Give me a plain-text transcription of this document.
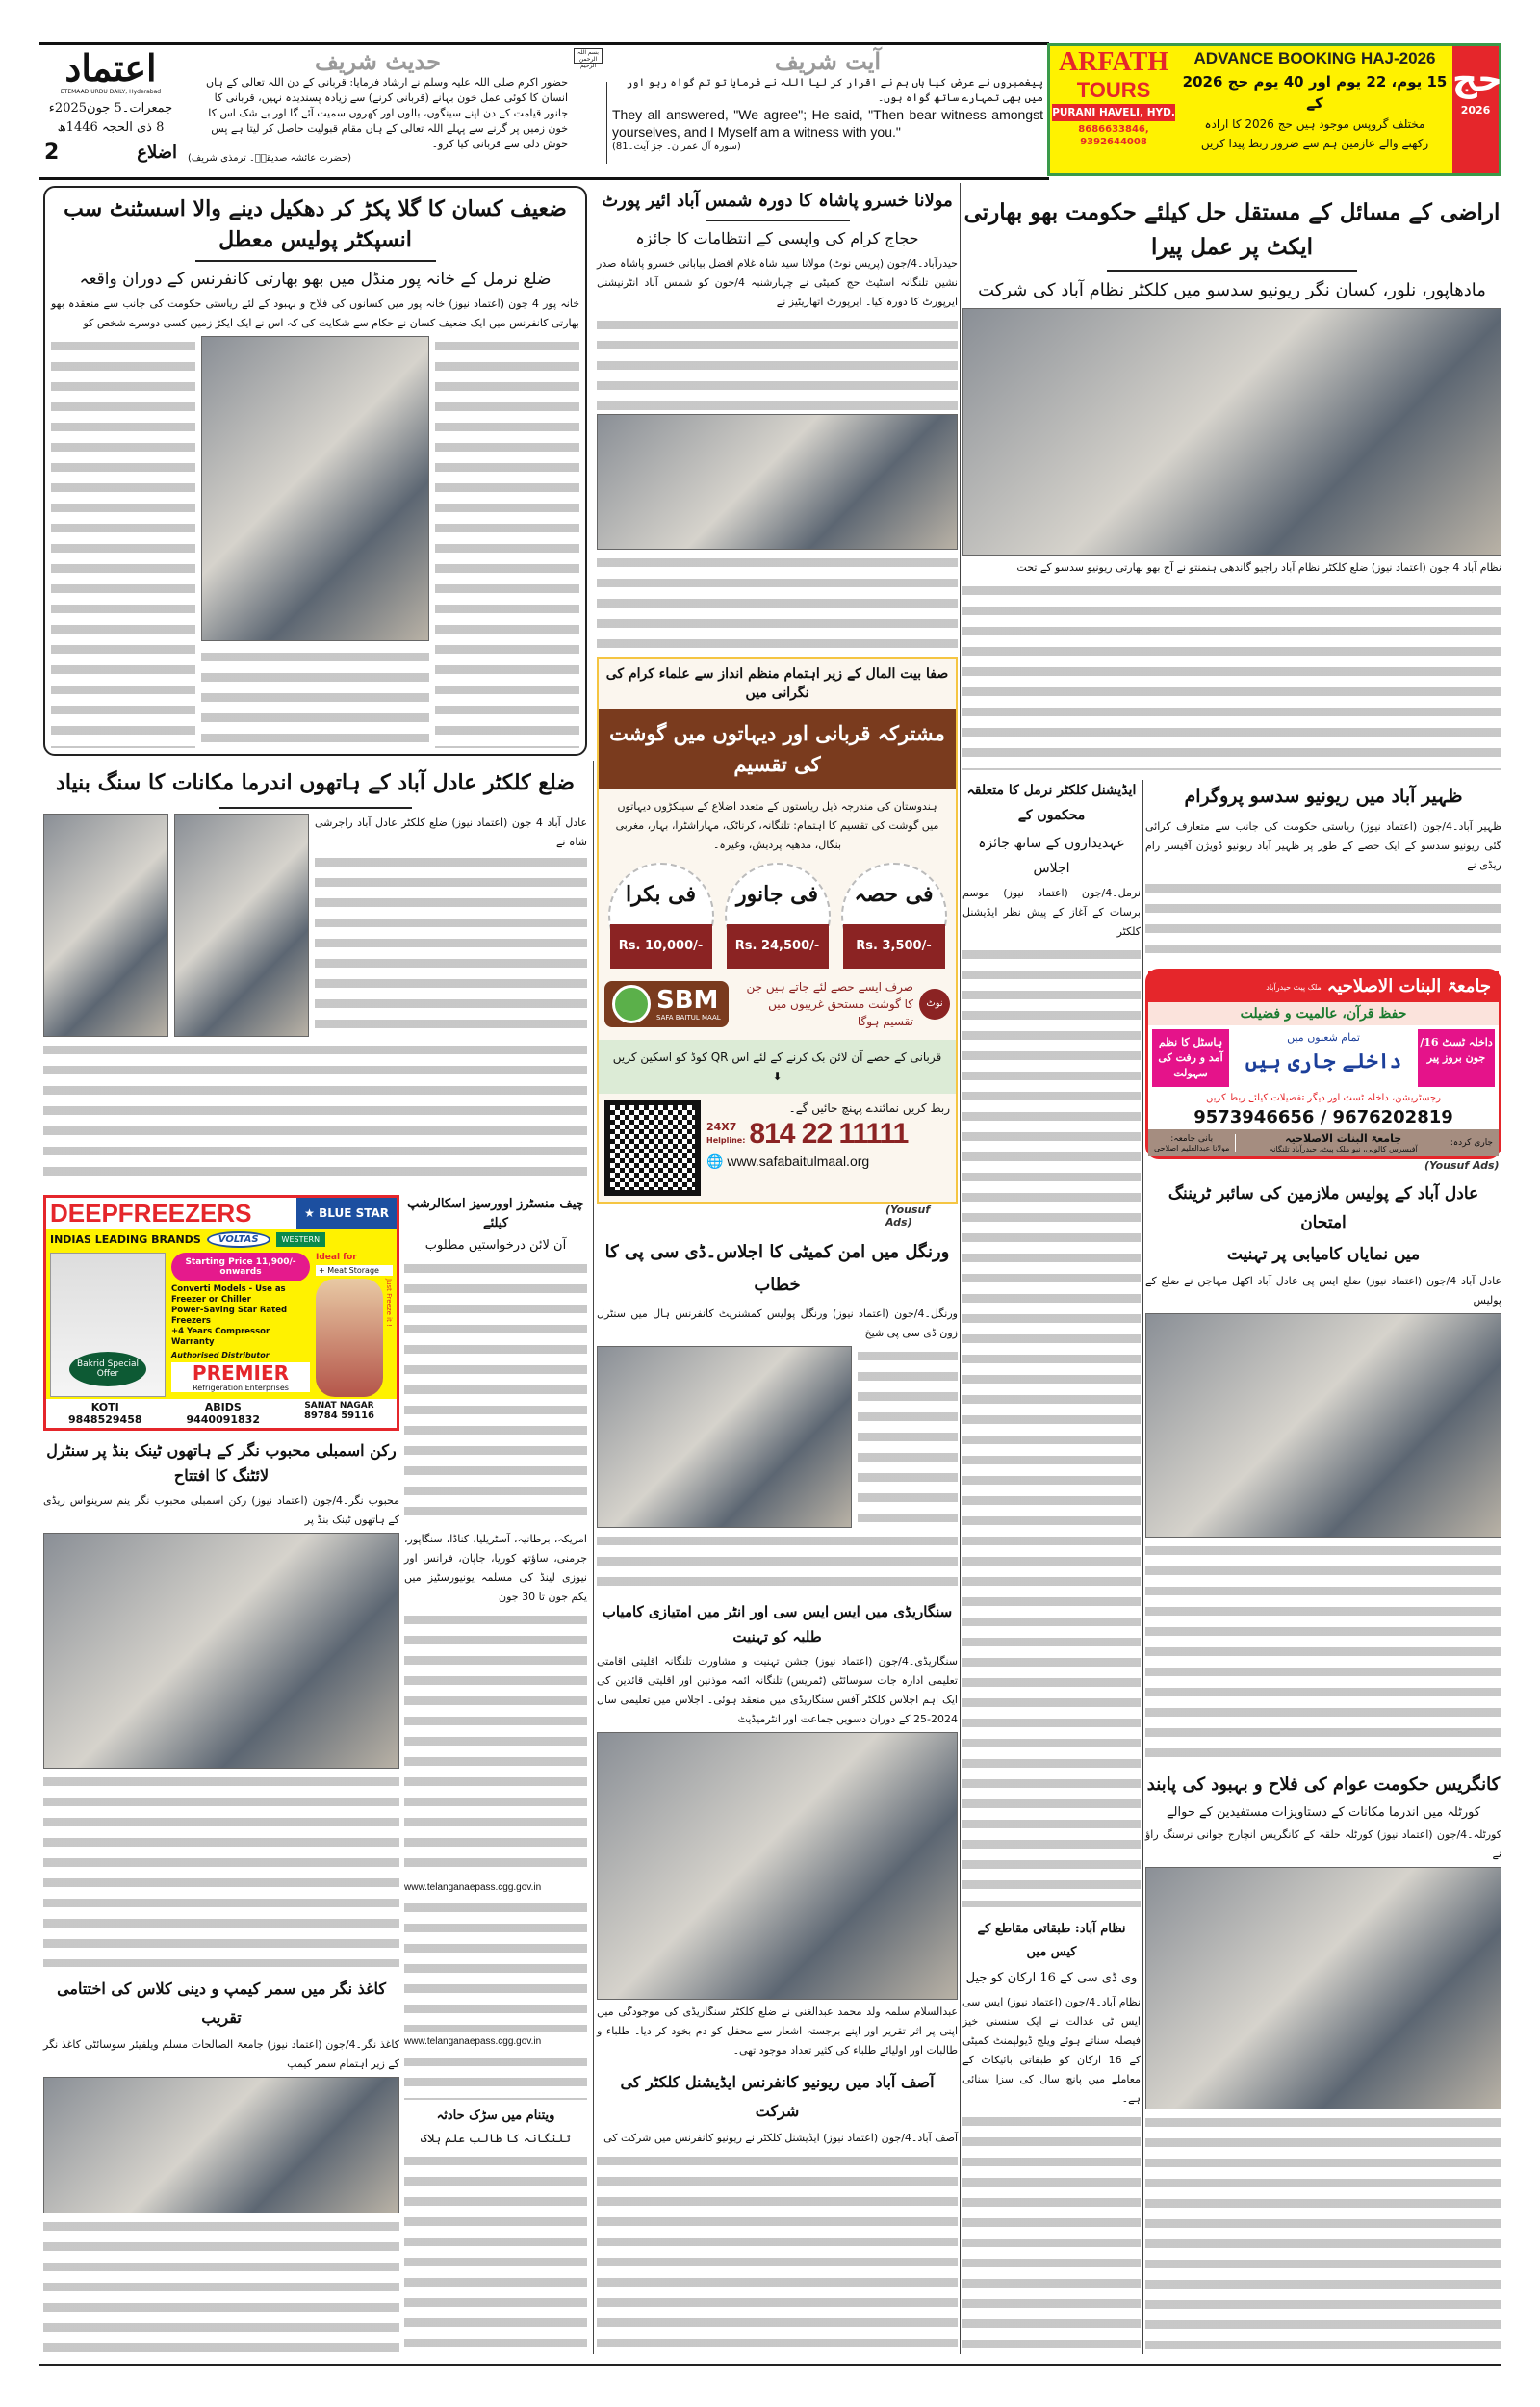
اعتماد
ETEMAAD URDU DAILY, Hyderabad
جمعرات۔5 جون2025ء
8 ذی الحجہ 1446ھ
2	اضلاع
حدیث شریف
حضور اکرم صلی اللہ علیہ وسلم نے ارشاد فرمایا: قربانی کے دن اللہ تعالی کے ہاں انسان کا کوئی عمل خون بہانے (قربانی کرنے) سے زیادہ پسندیدہ نہیں، قربانی کا جانور قیامت کے دن اپنے سینگوں، بالوں اور کھروں سمیت آئے گا اور بے شک اس کا خون زمین پر گرنے سے پہلے اللہ تعالی کے ہاں مقام قبولیت حاصل کر لیتا ہے پس خوش دلی سے قربانی کیا کرو۔
(حضرت عائشہ صدیقہؓ۔ ترمذی شریف)
بسم اللہ الرحمن الرحیم	آیت شریف
پیغمبروں نے عرض کیا ہاں ہم نے اقرار کر لیا اللہ نے فرمایا تو تم گواہ رہو اور میں بھی تمہارے ساتھ گواہ ہوں۔
They all answered, "We agree"; He said, "Then bear witness amongst yourselves, and I Myself am a witness with you."
(سورہ آل عمران۔ جز آیت۔81)
ARFATH
TOURS
PURANI HAVELI, HYD.
8686633846, 9392644008
ADVANCE BOOKING HAJ-2026
15 یوم، 22 یوم اور 40 یوم حج 2026 کے
مختلف گروپس موجود ہیں حج 2026 کا ارادہ
رکھنے والے عازمین ہم سے ضرور ربط پیدا کریں
حج
2026
ضعیف کسان کا گلا پکڑ کر دھکیل دینے والا اسسٹنٹ سب انسپکٹر پولیس معطل
ضلع نرمل کے خانہ پور منڈل میں بھو بھارتی کانفرنس کے دوران واقعہ
خانہ پور 4 جون (اعتماد نیوز) خانہ پور میں کسانوں کی فلاح و بہبود کے لئے ریاستی حکومت کی جانب سے منعقدہ بھو بھارتی کانفرنس میں ایک ضعیف کسان نے حکام سے شکایت کی کہ اس نے ایک ایکڑ زمین کسی دوسرے شخص کو
ضلع کلکٹر عادل آباد کے ہاتھوں اندرما مکانات کا سنگ بنیاد
عادل آباد 4 جون (اعتماد نیوز) ضلع کلکٹر عادل آباد راجرشی شاہ نے
DEEPFREEZERS	★ BLUE STAR
INDIAS LEADING BRANDS	VOLTAS	WESTERN
Bakrid Special Offer
Starting Price 11,900/- onwards
Converti Models - Use as Freezer or Chiller
Power-Saving Star Rated Freezers
+4 Years Compressor Warranty
Authorised Distributor
PREMIER
Refrigeration Enterprises
Ideal for
+ Meat Storage
Just Freeze it !
KOTI
9848529458
ABIDS
9440091832
SANAT NAGAR
89784 59116
رکن اسمبلی محبوب نگر کے ہاتھوں ٹینک بنڈ پر سنٹرل لائٹنگ کا افتتاح
محبوب نگر۔4/جون (اعتماد نیوز) رکن اسمبلی محبوب نگر ینم سرینواس ریڈی کے ہاتھوں ٹینک بنڈ پر
کاغذ نگر میں سمر کیمپ و دینی کلاس کی اختتامی تقریب
کاغذ نگر۔4/جون (اعتماد نیوز) جامعۃ الصالحات مسلم ویلفیئر سوسائٹی کاغذ نگر کے زیر اہتمام سمر کیمپ
چیف منسٹرز اوورسیز اسکالرشپ کیلئے
آن لائن درخواستیں مطلوب
امریکہ، برطانیہ، آسٹریلیا، کناڈا، سنگاپور، جرمنی، ساؤتھ کوریا، جاپان، فرانس اور نیوزی لینڈ کی مسلمہ یونیورسٹیز میں یکم جون تا 30 جون
www.telanganaepass.cgg.gov.in
www.telanganaepass.cgg.gov.in
ویتنام میں سڑک حادثہ
تلنگانہ کا طالب علم ہلاک
مولانا خسرو پاشاہ کا دورہ شمس آباد ائیر پورٹ
حجاج کرام کی واپسی کے انتظامات کا جائزہ
حیدرآباد۔4/جون (پریس نوٹ) مولانا سید شاہ غلام افضل بیابانی خسرو پاشاہ صدر نشین تلنگانہ اسٹیٹ حج کمیٹی نے چہارشنبہ 4/جون کو شمس آباد انٹرنیشنل ایرپورٹ کا دورہ کیا۔ ایرپورٹ اتھاریٹیز نے
صفا بیت المال کے زیر اہتمام منظم انداز سے علماء کرام کی نگرانی میں
مشترکہ قربانی اور دیہاتوں میں گوشت کی تقسیم
ہندوستان کی مندرجہ ذیل ریاستوں کے متعدد اضلاع کے سینکڑوں دیہاتوں میں گوشت کی تقسیم کا اہتمام: تلنگانہ، کرناٹک، مہاراشٹرا، بہار، مغربی بنگال، مدھیہ پردیش، وغیرہ۔
فی بکرا
Rs. 10,000/-
فی جانور
Rs. 24,500/-
فی حصہ
Rs. 3,500/-
SBM
SAFA BAITUL MAAL
صرف ایسے حصے لئے جاتے ہیں جن کا گوشت مستحق غریبوں میں تقسیم ہوگا
نوٹ
قربانی کے حصے آن لائن بک کرنے کے لئے اس QR کوڈ کو اسکین کریں ⬇
ربط کریں نمائندے پہنچ جائیں گے۔
24X7
Helpline: 814 22 11111
🌐 www.safabaitulmaal.org
(Yousuf Ads)
ورنگل میں امن کمیٹی کا اجلاس۔ڈی سی پی کا خطاب
ورنگل۔4/جون (اعتماد نیوز) ورنگل پولیس کمشنریٹ کانفرنس ہال میں سنٹرل زون ڈی سی پی شیخ
سنگاریڈی میں ایس ایس سی اور انٹر میں امتیازی کامیاب طلبہ کو تہنیت
سنگاریڈی۔4/جون (اعتماد نیوز) جشن تہنیت و مشاورت تلنگانہ اقلیتی اقامتی تعلیمی ادارہ جات سوسائٹی (ٹمریس) تلنگانہ ائمہ موذنین اور اقلیتی قائدین کی ایک اہم اجلاس کلکٹر آفس سنگاریڈی میں منعقد ہوئی۔ اجلاس میں تعلیمی سال 2024-25 کے دوران دسویں جماعت اور انٹرمیڈیٹ
عبدالسلام سلمہ ولد محمد عبدالغنی نے ضلع کلکٹر سنگاریڈی کی موجودگی میں اپنی پر اثر تقریر اور اپنے برجستہ اشعار سے محفل کو دم بخود کر دیا۔ طلباء و طالبات اور اولیائے طلباء کی کثیر تعداد موجود تھی۔
آصف آباد میں ریونیو کانفرنس ایڈیشنل کلکٹر کی شرکت
آصف آباد۔4/جون (اعتماد نیوز) ایڈیشنل کلکٹر نے ریونیو کانفرنس میں شرکت کی
اراضی کے مسائل کے مستقل حل کیلئے حکومت بھو بھارتی ایکٹ پر عمل پیرا
مادھاپور، نلور، کسان نگر ریونیو سدسو میں کلکٹر نظام آباد کی شرکت
نظام آباد 4 جون (اعتماد نیوز) ضلع کلکٹر نظام آباد راجیو گاندھی ہنمنتو نے آج بھو بھارتی ریونیو سدسو کے تحت
ایڈیشنل کلکٹر نرمل کا متعلقہ محکموں کے
عہدیداروں کے ساتھ جائزہ اجلاس
نرمل۔4/جون (اعتماد نیوز) موسم برسات کے آغاز کے پیش نظر ایڈیشنل کلکٹر
نظام آباد: طبقاتی مقاطع کے کیس میں
وی ڈی سی کے 16 ارکان کو جیل
نظام آباد۔4/جون (اعتماد نیوز) ایس سی ایس ٹی عدالت نے ایک سنسنی خیز فیصلہ سناتے ہوئے ویلج ڈیولپمنٹ کمیٹی کے 16 ارکان کو طبقاتی بائیکاٹ کے معاملے میں پانچ سال کی سزا سنائی ہے۔
ظہیر آباد میں ریونیو سدسو پروگرام
ظہیر آباد۔4/جون (اعتماد نیوز) ریاستی حکومت کی جانب سے متعارف کرائی گئی ریونیو سدسو کے ایک حصے کے طور پر ظہیر آباد ریونیو ڈویژن آفیسر رام ریڈی نے
جامعۃ البنات الاصلاحیہ
ملک پیٹ حیدرآباد
حفظ قرآن، عالمیت و فضیلت
داخلہ ٹسٹ 16/ جون بروز پیر
تمام شعبوں میں
داخلے جاری ہیں
ہاسٹل کا نظم آمد و رفت کی سہولت
رجسٹریشن، داخلہ ٹسٹ اور دیگر تفصیلات کیلئے ربط کریں
9573946656 / 9676202819
جاری کردہ:
جامعۃ البنات الاصلاحیہ
آفیسرس کالونی، نیو ملک پیٹ، حیدرآباد تلنگانہ
بانی جامعہ:
مولانا عبدالعلیم اصلاحی
(Yousuf Ads)
عادل آباد کے پولیس ملازمین کی سائبر ٹریننگ امتحان
میں نمایاں کامیابی پر تہنیت
عادل آباد 4/جون (اعتماد نیوز) ضلع ایس پی عادل آباد اکھل مہاجن نے ضلع کے پولیس
کانگریس حکومت عوام کی فلاح و بہبود کی پابند
کورٹلہ میں اندرما مکانات کے دستاویزات مستفیدین کے حوالے
کورٹلہ۔4/جون (اعتماد نیوز) کورٹلہ حلقہ کے کانگریس انچارج جوانی نرسنگ راؤ نے
